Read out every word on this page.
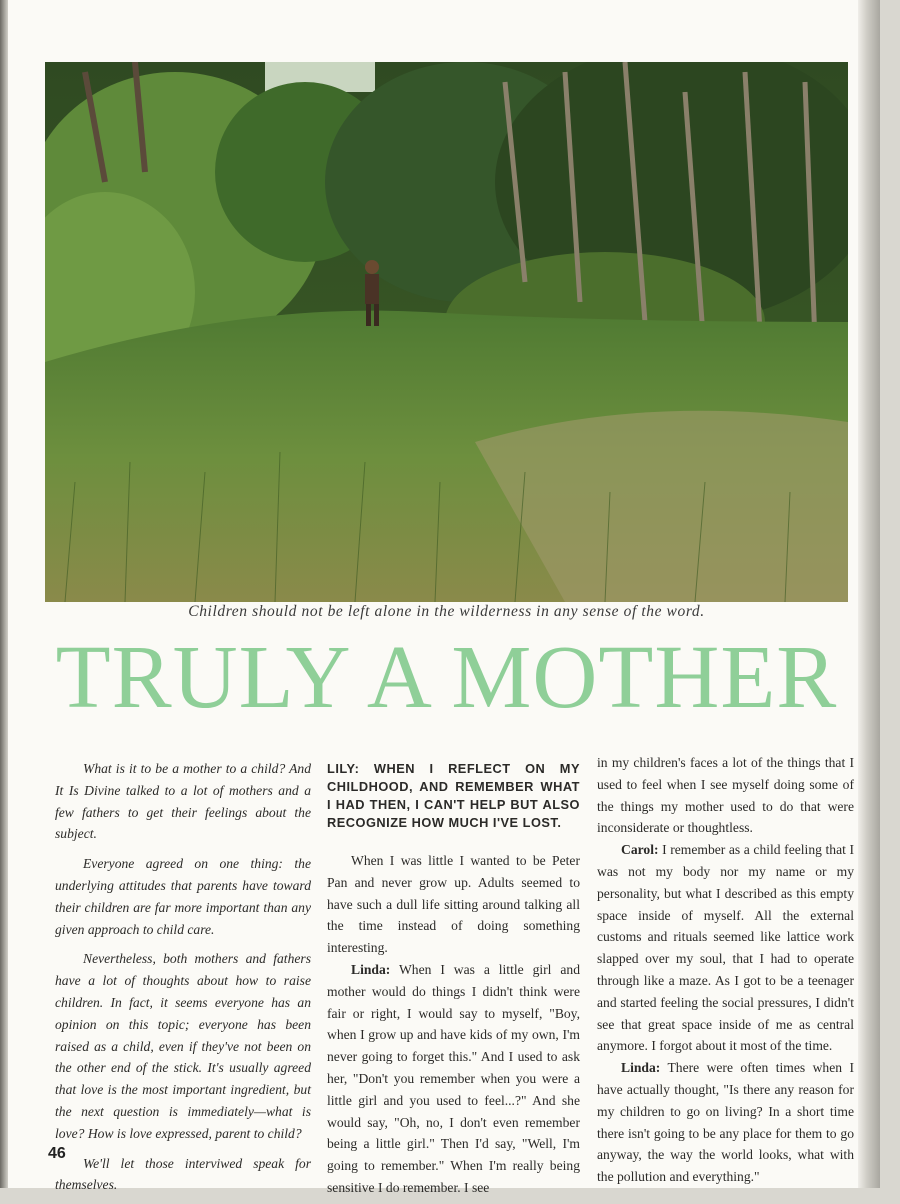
Children should not be left alone in the wilderness in any sense of the word.
TRULY A MOTHER

What is it to be a mother to a child? And It Is Divine talked to a lot of mothers and a few fathers to get their feelings about the subject.

Everyone agreed on one thing: the underlying attitudes that parents have toward their children are far more important than any given approach to child care.

Nevertheless, both mothers and fathers have a lot of thoughts about how to raise children. In fact, it seems everyone has an opinion on this topic; everyone has been raised as a child, even if they've not been on the other end of the stick. It's usually agreed that love is the most important ingredient, but the next question is immediately—what is love? How is love expressed, parent to child?

We'll let those interviwed speak for themselves.

LILY: WHEN I REFLECT ON MY CHILDHOOD, AND REMEMBER WHAT I HAD THEN, I CAN'T HELP BUT ALSO RECOGNIZE HOW MUCH I'VE LOST.

When I was little I wanted to be Peter Pan and never grow up. Adults seemed to have such a dull life sitting around talking all the time instead of doing something interesting.

Linda: When I was a little girl and mother would do things I didn't think were fair or right, I would say to myself, "Boy, when I grow up and have kids of my own, I'm never going to forget this." And I used to ask her, "Don't you remember when you were a little girl and you used to feel...?" And she would say, "Oh, no, I don't even remember being a little girl." Then I'd say, "Well, I'm going to remember." When I'm really being sensitive I do remember. I see

in my children's faces a lot of the things that I used to feel when I see myself doing some of the things my mother used to do that were inconsiderate or thoughtless.

Carol: I remember as a child feeling that I was not my body nor my name or my personality, but what I described as this empty space inside of myself. All the external customs and rituals seemed like lattice work slapped over my soul, that I had to operate through like a maze. As I got to be a teenager and started feeling the social pressures, I didn't see that great space inside of me as central anymore. I forgot about it most of the time.

Linda: There were often times when I have actually thought, "Is there any reason for my children to go on living? In a short time there isn't going to be any place for them to go anyway, the way the world looks, what with the pollution and everything."

46
